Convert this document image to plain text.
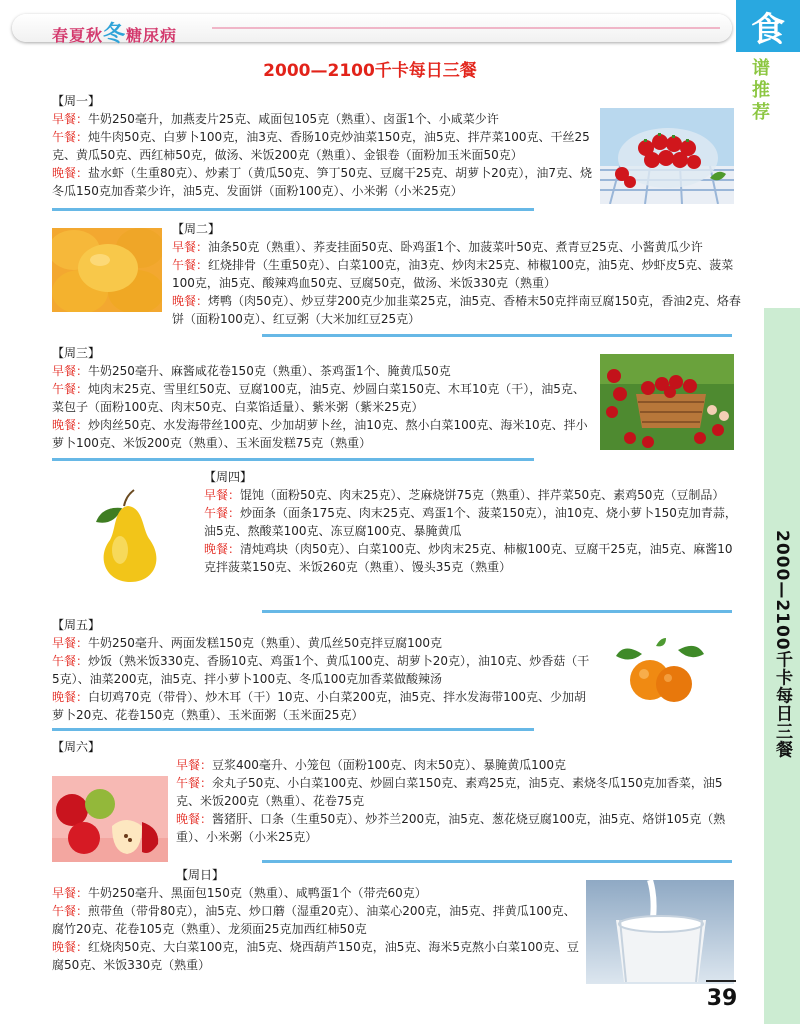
春夏秋冬糖尿病	食
谱推荐
2000—2100千卡每日三餐
2000—2100千卡每日三餐
【周一】
早餐：牛奶250毫升，加燕麦片25克、咸面包105克（熟重）、卤蛋1个、小咸菜少许
午餐：炖牛肉50克、白萝卜100克，油3克、香肠10克炒油菜150克，油5克、拌芹菜100克、干丝25克、黄瓜50克、西红柿50克，做汤、米饭200克（熟重）、金银卷（面粉加玉米面50克）
晚餐：盐水虾（生重80克）、炒素丁（黄瓜50克、笋丁50克、豆腐干25克、胡萝卜20克），油7克、烧冬瓜150克加香菜少许，油5克、发面饼（面粉100克）、小米粥（小米25克）
【周二】
早餐：油条50克（熟重）、荞麦挂面50克、卧鸡蛋1个、加菠菜叶50克、煮青豆25克、小酱黄瓜少许
午餐：红烧排骨（生重50克）、白菜100克，油3克、炒肉末25克、柿椒100克，油5克、炒虾皮5克、菠菜100克，油5克、酸辣鸡血50克、豆腐50克，做汤、米饭330克（熟重）
晚餐：烤鸭（肉50克）、炒豆芽200克少加韭菜25克，油5克、香椿末50克拌南豆腐150克，香油2克、烙春饼（面粉100克）、红豆粥（大米加红豆25克）
【周三】
早餐：牛奶250毫升、麻酱咸花卷150克（熟重）、茶鸡蛋1个、腌黄瓜50克
午餐：炖肉末25克、雪里红50克、豆腐100克，油5克、炒圆白菜150克、木耳10克（干），油5克、菜包子（面粉100克、肉末50克、白菜馅适量）、紫米粥（紫米25克）
晚餐：炒肉丝50克、水发海带丝100克、少加胡萝卜丝，油10克、熬小白菜100克、海米10克、拌小萝卜100克、米饭200克（熟重）、玉米面发糕75克（熟重）
【周四】
早餐：馄饨（面粉50克、肉末25克）、芝麻烧饼75克（熟重）、拌芹菜50克、素鸡50克（豆制品）
午餐：炒面条（面条175克、肉末25克、鸡蛋1个、菠菜150克），油10克、烧小萝卜150克加青蒜，油5克、熬酸菜100克、冻豆腐100克、暴腌黄瓜
晚餐：清炖鸡块（肉50克）、白菜100克、炒肉末25克、柿椒100克、豆腐干25克，油5克、麻酱10克拌菠菜150克、米饭260克（熟重）、馒头35克（熟重）
【周五】
早餐：牛奶250毫升、两面发糕150克（熟重）、黄瓜丝50克拌豆腐100克
午餐：炒饭（熟米饭330克、香肠10克、鸡蛋1个、黄瓜100克、胡萝卜20克），油10克、炒香菇（干5克）、油菜200克，油5克、拌小萝卜100克、冬瓜100克加香菜做酸辣汤
晚餐：白切鸡70克（带骨）、炒木耳（干）10克、小白菜200克，油5克、拌水发海带100克、少加胡萝卜20克、花卷150克（熟重）、玉米面粥（玉米面25克）
【周六】
早餐：豆浆400毫升、小笼包（面粉100克、肉末50克）、暴腌黄瓜100克
午餐：氽丸子50克、小白菜100克、炒圆白菜150克、素鸡25克，油5克、素烧冬瓜150克加香菜，油5克、米饭200克（熟重）、花卷75克
晚餐：酱猪肝、口条（生重50克）、炒芥兰200克，油5克、葱花烧豆腐100克，油5克、烙饼105克（熟重）、小米粥（小米25克）
【周日】
早餐：牛奶250毫升、黑面包150克（熟重）、咸鸭蛋1个（带壳60克）
午餐：煎带鱼（带骨80克），油5克、炒口蘑（湿重20克）、油菜心200克，油5克、拌黄瓜100克、腐竹20克、花卷105克（熟重）、龙须面25克加西红柿50克
晚餐：红烧肉50克、大白菜100克，油5克、烧西葫芦150克，油5克、海米5克熬小白菜100克、豆腐50克、米饭330克（熟重）
39
